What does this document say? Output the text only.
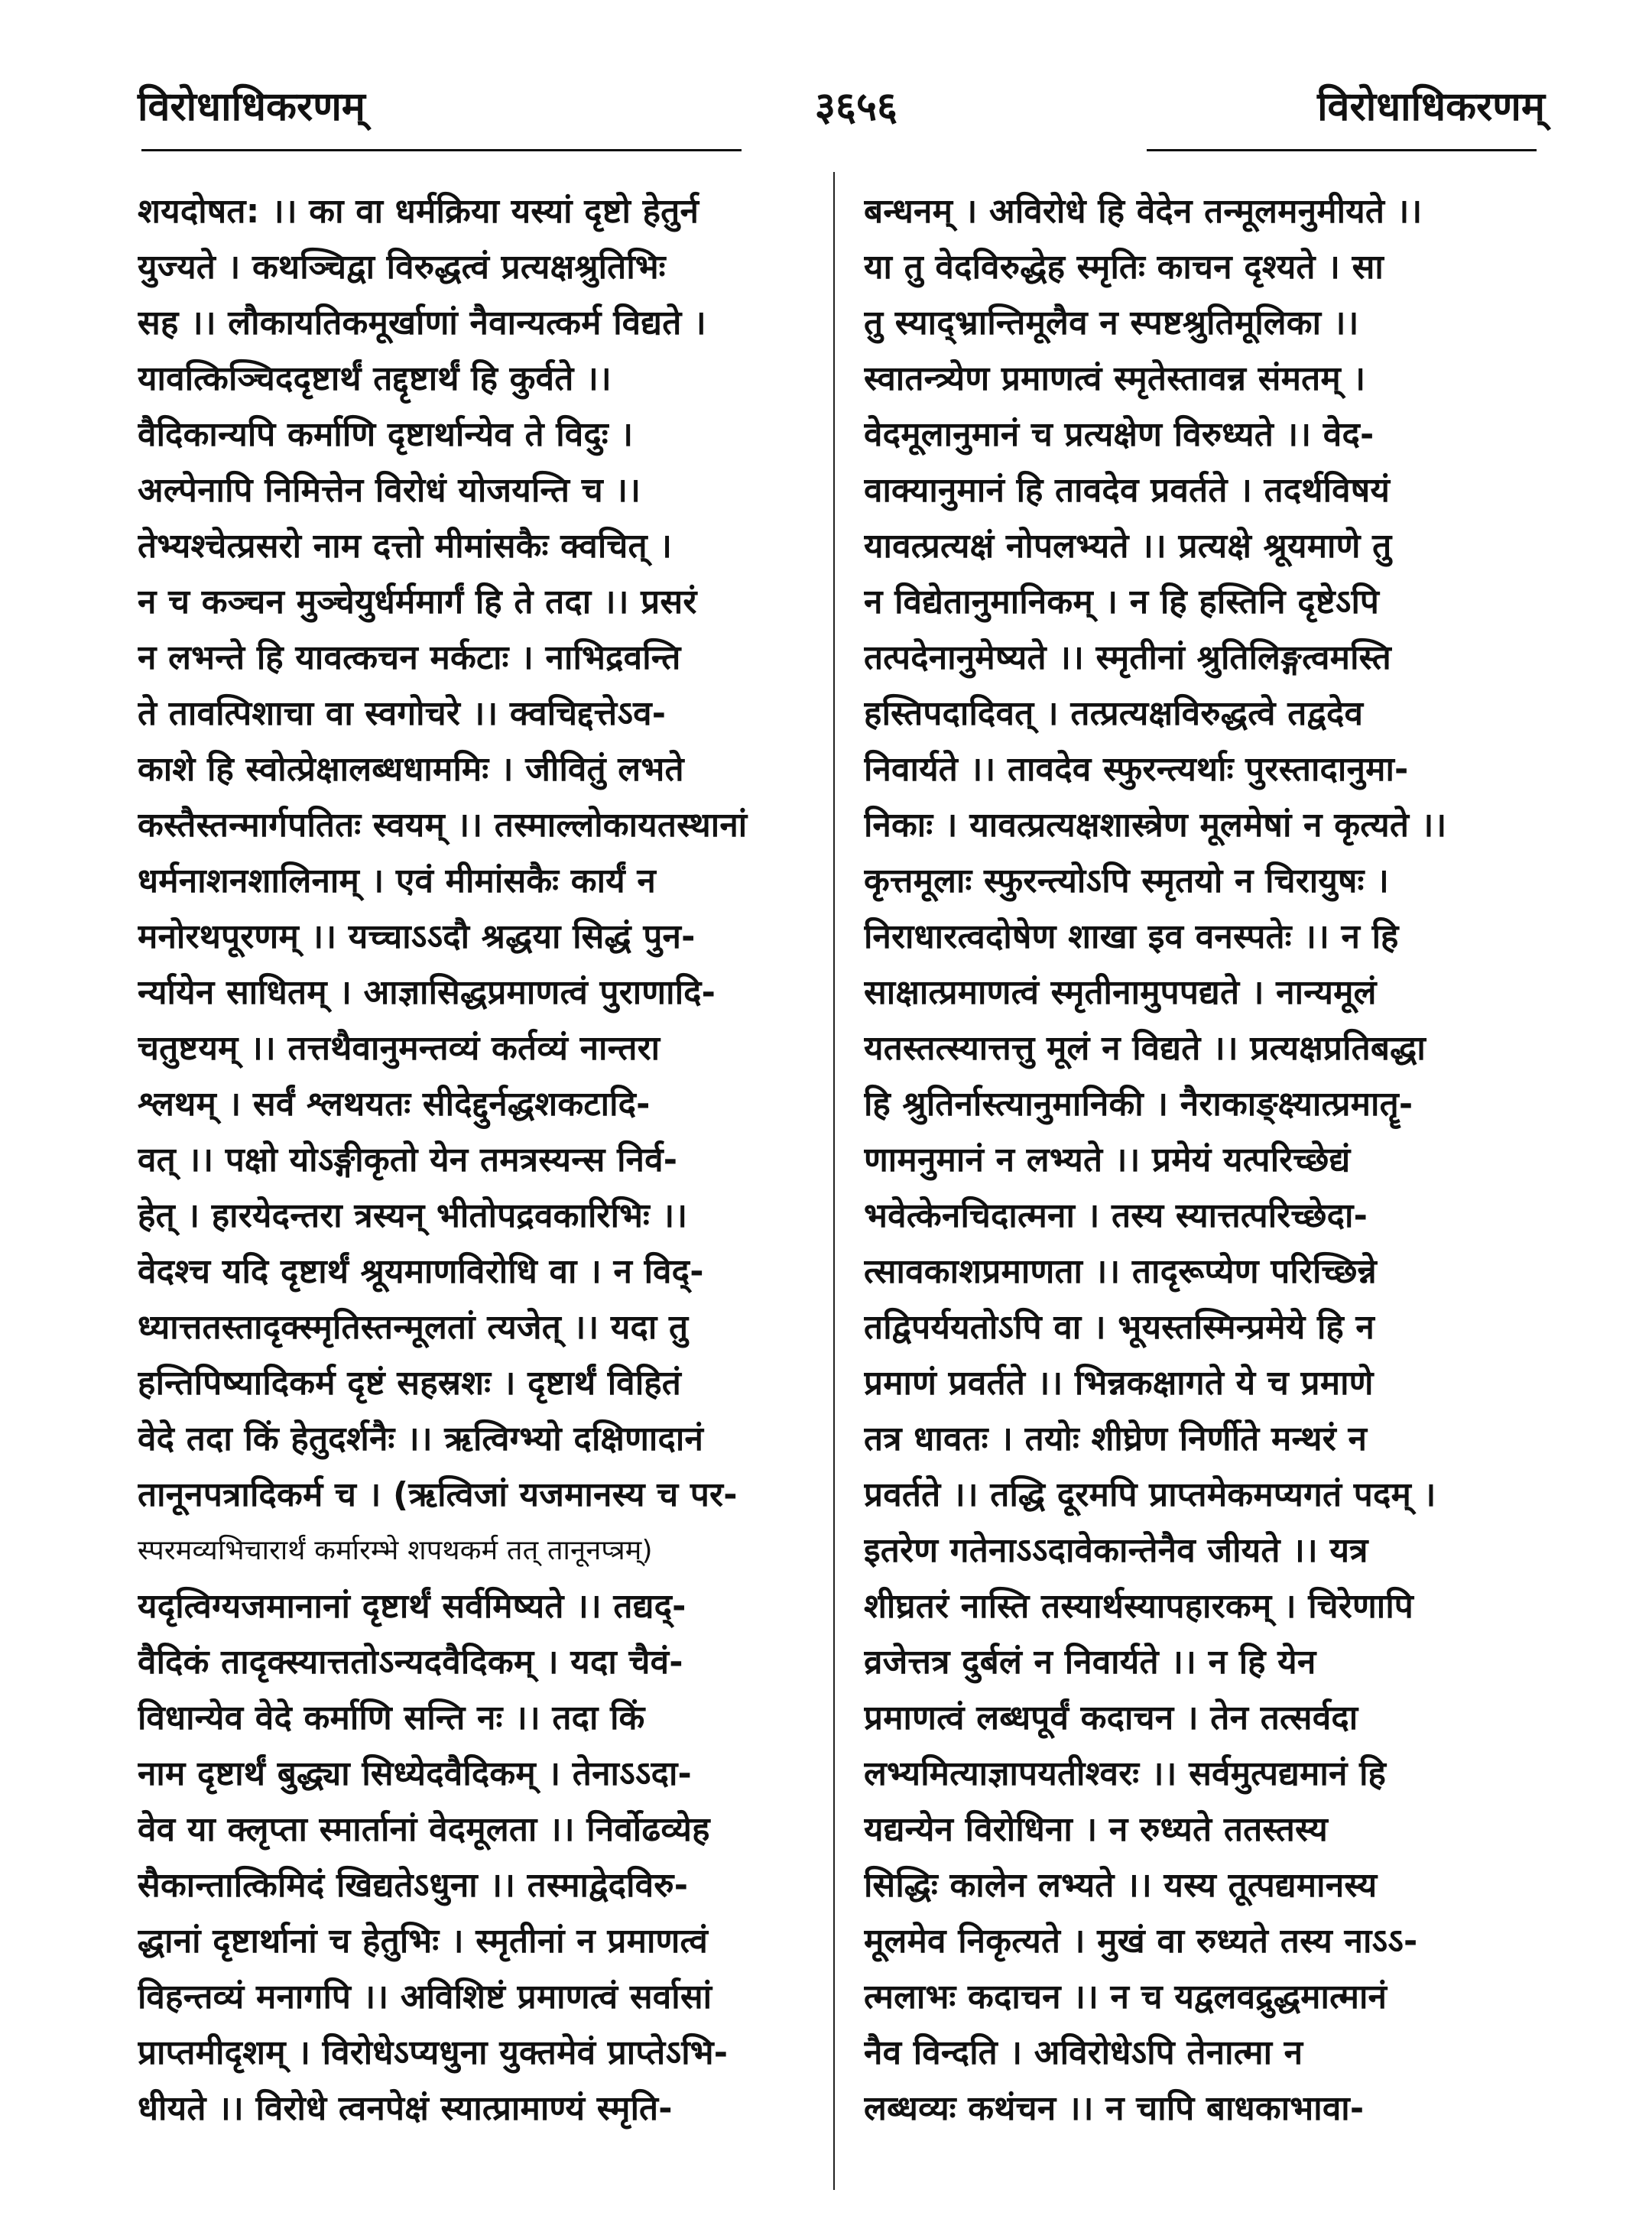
विरोधाधिकरणम्	३६५६	विरोधाधिकरणम्
शयदोषत: ।। का वा धर्मक्रिया यस्यां दृष्टो हेतुर्न
युज्यते । कथञ्चिद्वा विरुद्धत्वं प्रत्यक्षश्रुतिभिः
सह ।। लौकायतिकमूर्खाणां नैवान्यत्कर्म विद्यते ।
यावत्किञ्चिददृष्टार्थं तद्दृष्टार्थं हि कुर्वते ।।
वैदिकान्यपि कर्माणि दृष्टार्थान्येव ते विदुः ।
अल्पेनापि निमित्तेन विरोधं योजयन्ति च ।।
तेभ्यश्चेत्प्रसरो नाम दत्तो मीमांसकैः क्वचित् ।
न च कञ्चन मुञ्चेयुर्धर्ममार्गं हि ते तदा ।। प्रसरं
न लभन्ते हि यावत्कचन मर्कटाः । नाभिद्रवन्ति
ते तावत्पिशाचा वा स्वगोचरे ।। क्वचिद्दत्तेऽव-
काशे हि स्वोत्प्रेक्षालब्धधाममिः । जीवितुं लभते
कस्तैस्तन्मार्गपतितः स्वयम् ।। तस्माल्लोकायतस्थानां
धर्मनाशनशालिनाम् । एवं मीमांसकैः कार्यं न
मनोरथपूरणम् ।। यच्चाऽऽदौ श्रद्धया सिद्धं पुन-
र्न्यायेन साधितम् । आज्ञासिद्धप्रमाणत्वं पुराणादि-
चतुष्टयम् ।। तत्तथैवानुमन्तव्यं कर्तव्यं नान्तरा
श्लथम् । सर्वं श्लथयतः सीदेद्दुर्नद्धशकटादि-
वत् ।। पक्षो योऽङ्गीकृतो येन तमत्रस्यन्स निर्व-
हेत् । हारयेदन्तरा त्रस्यन् भीतोपद्रवकारिभिः ।।
वेदश्च यदि दृष्टार्थं श्रूयमाणविरोधि वा । न विद्-
ध्यात्ततस्तादृक्स्मृतिस्तन्मूलतां त्यजेत् ।। यदा तु
हन्तिपिष्यादिकर्म दृष्टं सहस्रशः । दृष्टार्थं विहितं
वेदे तदा किं हेतुदर्शनैः ।। ऋत्विग्भ्यो दक्षिणादानं
तानूनपत्रादिकर्म च । (ऋत्विजां यजमानस्य च पर-
स्परमव्यभिचारार्थं कर्मारम्भे शपथकर्म तत् तानूनप्त्रम्)
यदृत्विग्यजमानानां दृष्टार्थं सर्वमिष्यते ।। तद्यद्-
वैदिकं तादृक्स्यात्ततोऽन्यदवैदिकम् । यदा चैवं-
विधान्येव वेदे कर्माणि सन्ति नः ।। तदा किं
नाम दृष्टार्थं बुद्ध्या सिध्येदवैदिकम् । तेनाऽऽदा-
वेव या क्लृप्ता स्मार्तानां वेदमूलता ।। निर्वोढव्येह
सैकान्तात्किमिदं खिद्यतेऽधुना ।। तस्माद्वेदविरु-
द्धानां दृष्टार्थानां च हेतुभिः । स्मृतीनां न प्रमाणत्वं
विहन्तव्यं मनागपि ।। अविशिष्टं प्रमाणत्वं सर्वासां
प्राप्तमीदृशम् । विरोधेऽप्यधुना युक्तमेवं प्राप्तेऽभि-
धीयते ।। विरोधे त्वनपेक्षं स्यात्प्रामाण्यं स्मृति-
बन्धनम् । अविरोधे हि वेदेन तन्मूलमनुमीयते ।।
या तु वेदविरुद्धेह स्मृतिः काचन दृश्यते । सा
तु स्याद्भ्रान्तिमूलैव न स्पष्टश्रुतिमूलिका ।।
स्वातन्त्र्येण प्रमाणत्वं स्मृतेस्तावन्न संमतम् ।
वेदमूलानुमानं च प्रत्यक्षेण विरुध्यते ।। वेद-
वाक्यानुमानं हि तावदेव प्रवर्तते । तदर्थविषयं
यावत्प्रत्यक्षं नोपलभ्यते ।। प्रत्यक्षे श्रूयमाणे तु
न विद्येतानुमानिकम् । न हि हस्तिनि दृष्टेऽपि
तत्पदेनानुमेष्यते ।। स्मृतीनां श्रुतिलिङ्गत्वमस्ति
हस्तिपदादिवत् । तत्प्रत्यक्षविरुद्धत्वे तद्वदेव
निवार्यते ।। तावदेव स्फुरन्त्यर्थाः पुरस्तादानुमा-
निकाः । यावत्प्रत्यक्षशास्त्रेण मूलमेषां न कृत्यते ।।
कृत्तमूलाः स्फुरन्त्योऽपि स्मृतयो न चिरायुषः ।
निराधारत्वदोषेण शाखा इव वनस्पतेः ।। न हि
साक्षात्प्रमाणत्वं स्मृतीनामुपपद्यते । नान्यमूलं
यतस्तत्स्यात्तत्तु मूलं न विद्यते ।। प्रत्यक्षप्रतिबद्धा
हि श्रुतिर्नास्त्यानुमानिकी । नैराकाङ्क्ष्यात्प्रमातॄ-
णामनुमानं न लभ्यते ।। प्रमेयं यत्परिच्छेद्यं
भवेत्केनचिदात्मना । तस्य स्यात्तत्परिच्छेदा-
त्सावकाशप्रमाणता ।। तादृरूप्येण परिच्छिन्ने
तद्विपर्ययतोऽपि वा । भूयस्तस्मिन्प्रमेये हि न
प्रमाणं प्रवर्तते ।। भिन्नकक्षागते ये च प्रमाणे
तत्र धावतः । तयोः शीघ्रेण निर्णीते मन्थरं न
प्रवर्तते ।। तद्धि दूरमपि प्राप्तमेकमप्यगतं पदम् ।
इतरेण गतेनाऽऽदावेकान्तेनैव जीयते ।। यत्र
शीघ्रतरं नास्ति तस्यार्थस्यापहारकम् । चिरेणापि
व्रजेत्तत्र दुर्बलं न निवार्यते ।। न हि येन
प्रमाणत्वं लब्धपूर्वं कदाचन । तेन तत्सर्वदा
लभ्यमित्याज्ञापयतीश्वरः ।। सर्वमुत्पद्यमानं हि
यद्यन्येन विरोधिना । न रुध्यते ततस्तस्य
सिद्धिः कालेन लभ्यते ।। यस्य तूत्पद्यमानस्य
मूलमेव निकृत्यते । मुखं वा रुध्यते तस्य नाऽऽ-
त्मलाभः कदाचन ।। न च यद्वलवद्रुद्धमात्मानं
नैव विन्दति । अविरोधेऽपि तेनात्मा न
लब्धव्यः कथंचन ।। न चापि बाधकाभावा-
